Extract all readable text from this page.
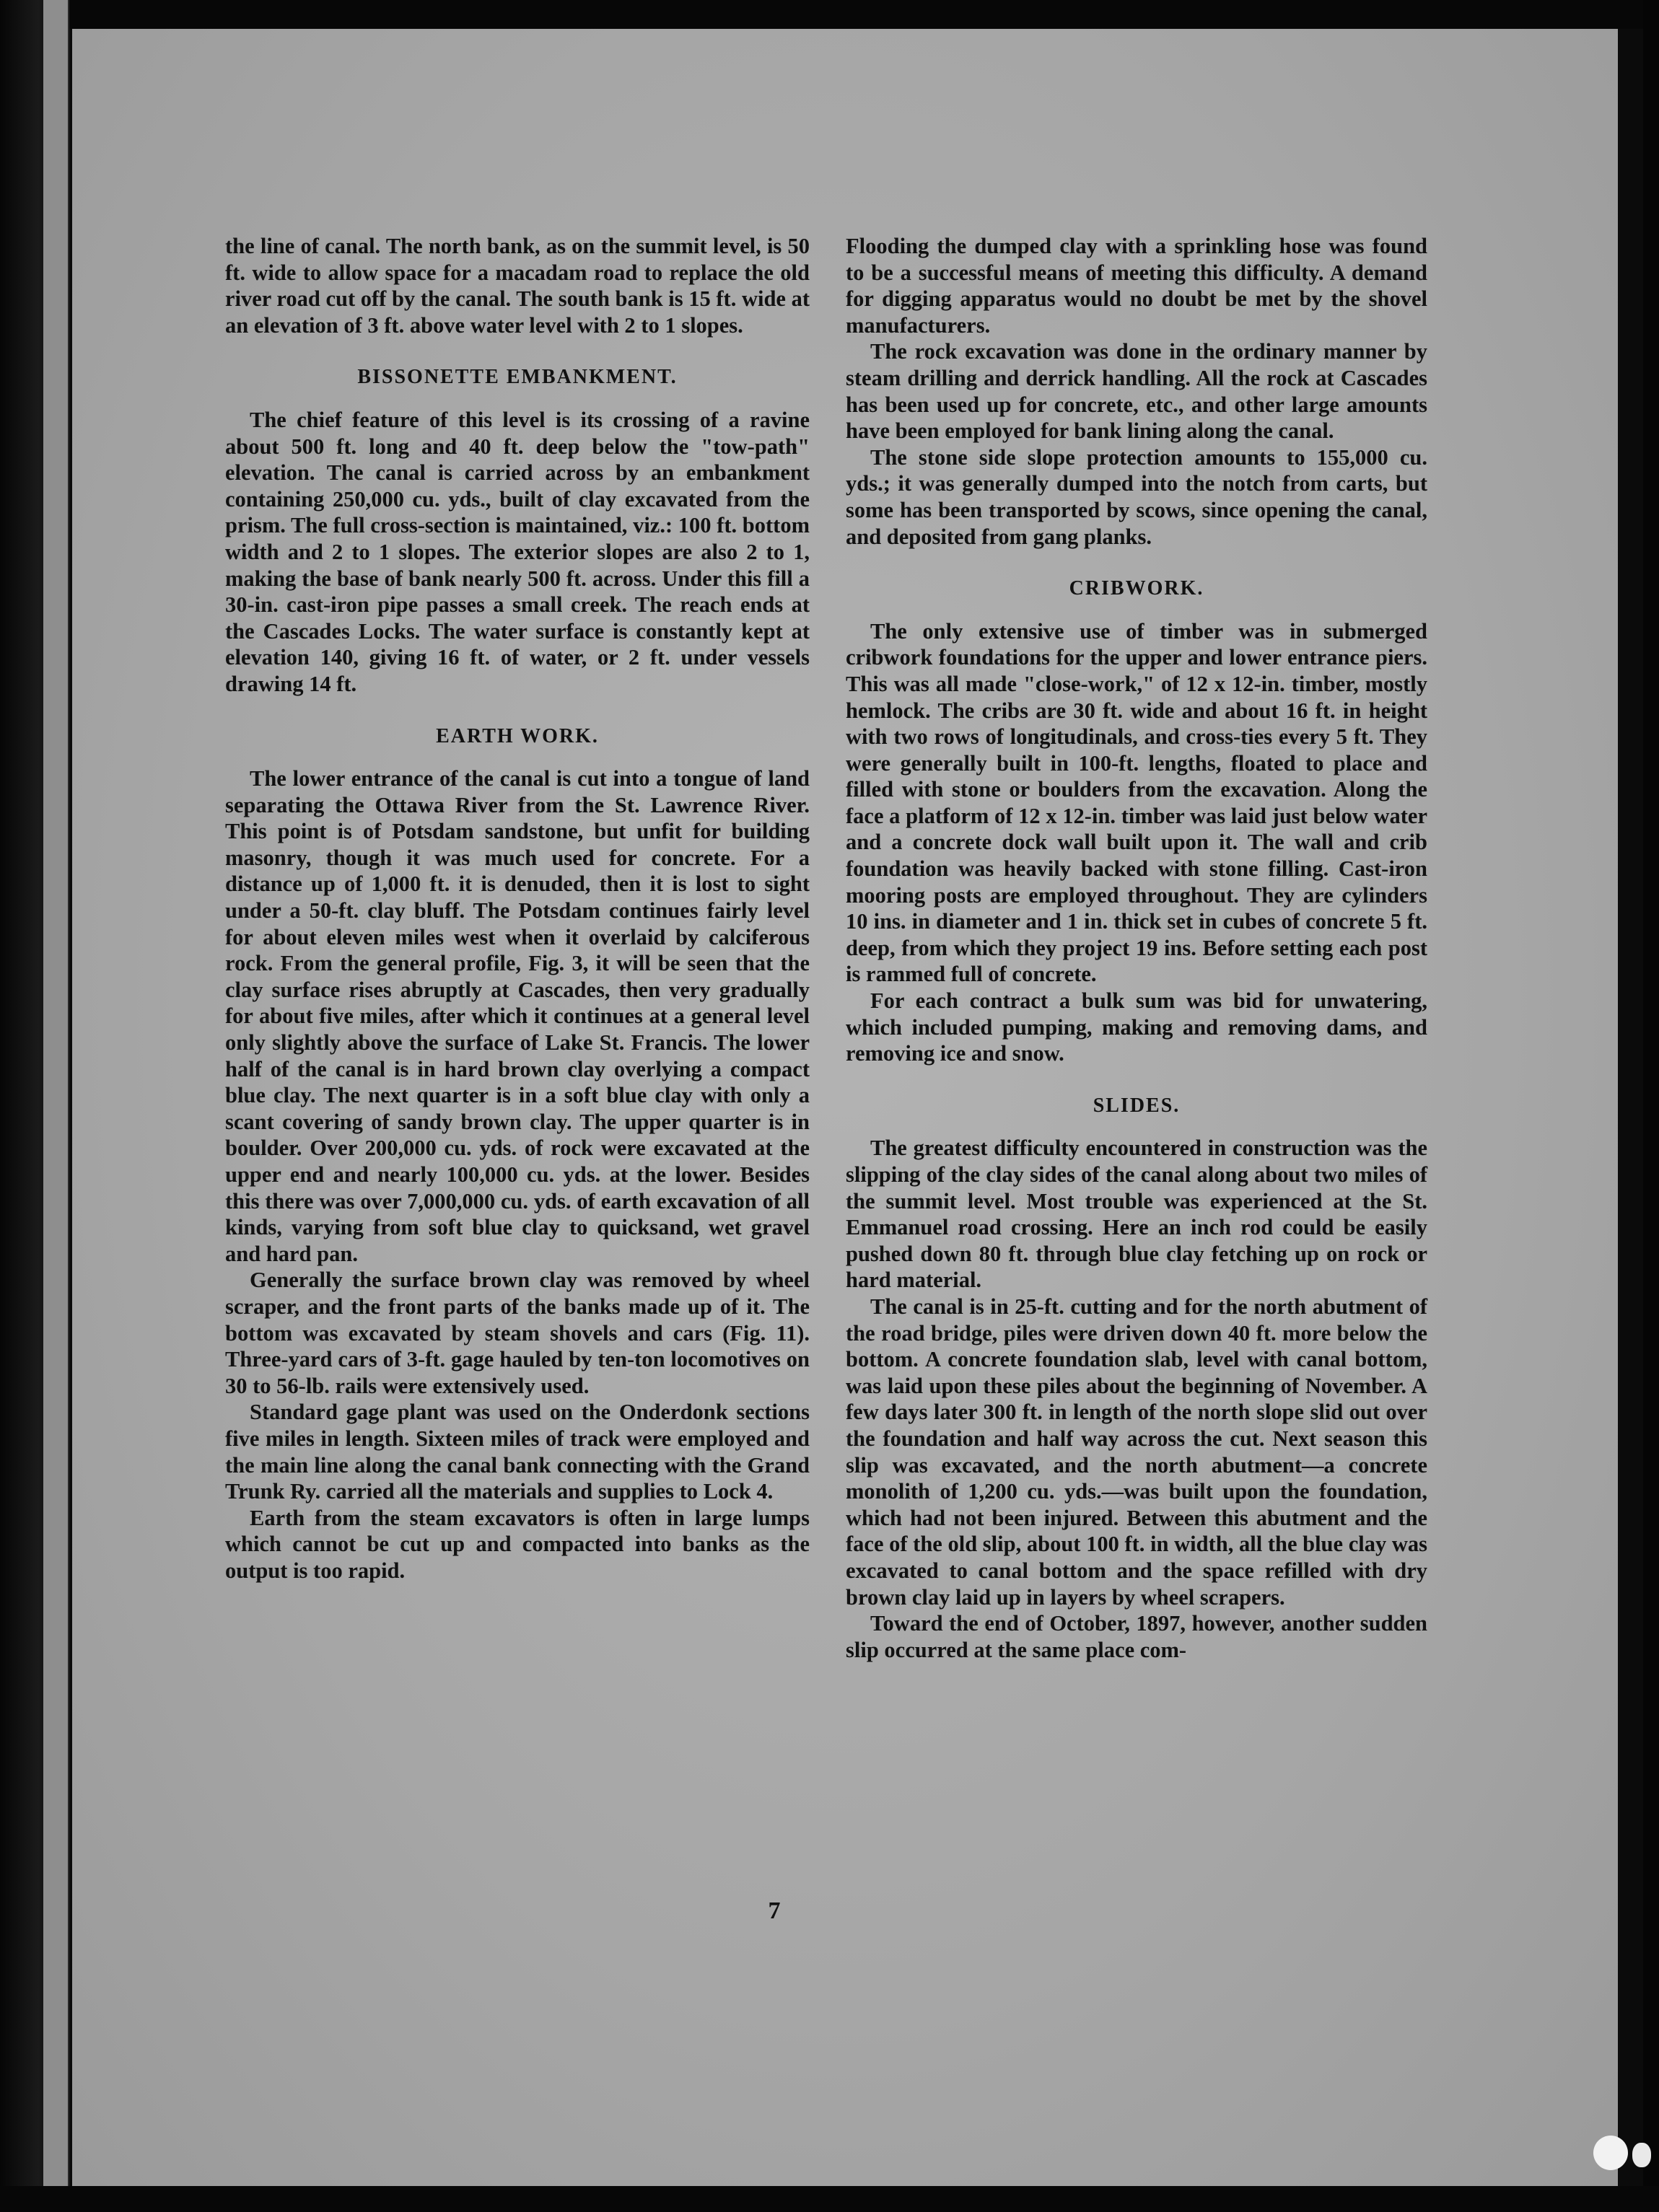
the line of canal. The north bank, as on the summit level, is 50 ft. wide to allow space for a macadam road to replace the old river road cut off by the canal. The south bank is 15 ft. wide at an elevation of 3 ft. above water level with 2 to 1 slopes.

BISSONETTE EMBANKMENT.

The chief feature of this level is its crossing of a ravine about 500 ft. long and 40 ft. deep below the "tow-path" elevation. The canal is carried across by an embankment containing 250,000 cu. yds., built of clay excavated from the prism. The full cross-section is maintained, viz.: 100 ft. bottom width and 2 to 1 slopes. The exterior slopes are also 2 to 1, making the base of bank nearly 500 ft. across. Under this fill a 30-in. cast-iron pipe passes a small creek. The reach ends at the Cascades Locks. The water surface is constantly kept at elevation 140, giving 16 ft. of water, or 2 ft. under vessels drawing 14 ft.

EARTH WORK.

The lower entrance of the canal is cut into a tongue of land separating the Ottawa River from the St. Lawrence River. This point is of Potsdam sandstone, but unfit for building masonry, though it was much used for concrete. For a distance up of 1,000 ft. it is denuded, then it is lost to sight under a 50-ft. clay bluff. The Potsdam continues fairly level for about eleven miles west when it overlaid by calciferous rock. From the general profile, Fig. 3, it will be seen that the clay surface rises abruptly at Cascades, then very gradually for about five miles, after which it continues at a general level only slightly above the surface of Lake St. Francis. The lower half of the canal is in hard brown clay overlying a compact blue clay. The next quarter is in a soft blue clay with only a scant covering of sandy brown clay. The upper quarter is in boulder. Over 200,000 cu. yds. of rock were excavated at the upper end and nearly 100,000 cu. yds. at the lower. Besides this there was over 7,000,000 cu. yds. of earth excavation of all kinds, varying from soft blue clay to quicksand, wet gravel and hard pan.

Generally the surface brown clay was removed by wheel scraper, and the front parts of the banks made up of it. The bottom was excavated by steam shovels and cars (Fig. 11). Three-yard cars of 3-ft. gage hauled by ten-ton locomotives on 30 to 56-lb. rails were extensively used.

Standard gage plant was used on the Onderdonk sections five miles in length. Sixteen miles of track were employed and the main line along the canal bank connecting with the Grand Trunk Ry. carried all the materials and supplies to Lock 4.

Earth from the steam excavators is often in large lumps which cannot be cut up and compacted into banks as the output is too rapid.

Flooding the dumped clay with a sprinkling hose was found to be a successful means of meeting this difficulty. A demand for digging apparatus would no doubt be met by the shovel manufacturers.

The rock excavation was done in the ordinary manner by steam drilling and derrick handling. All the rock at Cascades has been used up for concrete, etc., and other large amounts have been employed for bank lining along the canal.

The stone side slope protection amounts to 155,000 cu. yds.; it was generally dumped into the notch from carts, but some has been transported by scows, since opening the canal, and deposited from gang planks.

CRIBWORK.

The only extensive use of timber was in submerged cribwork foundations for the upper and lower entrance piers. This was all made "close-work," of 12 x 12-in. timber, mostly hemlock. The cribs are 30 ft. wide and about 16 ft. in height with two rows of longitudinals, and cross-ties every 5 ft. They were generally built in 100-ft. lengths, floated to place and filled with stone or boulders from the excavation. Along the face a platform of 12 x 12-in. timber was laid just below water and a concrete dock wall built upon it. The wall and crib foundation was heavily backed with stone filling. Cast-iron mooring posts are employed throughout. They are cylinders 10 ins. in diameter and 1 in. thick set in cubes of concrete 5 ft. deep, from which they project 19 ins. Before setting each post is rammed full of concrete.

For each contract a bulk sum was bid for unwatering, which included pumping, making and removing dams, and removing ice and snow.

SLIDES.

The greatest difficulty encountered in construction was the slipping of the clay sides of the canal along about two miles of the summit level. Most trouble was experienced at the St. Emmanuel road crossing. Here an inch rod could be easily pushed down 80 ft. through blue clay fetching up on rock or hard material.

The canal is in 25-ft. cutting and for the north abutment of the road bridge, piles were driven down 40 ft. more below the bottom. A concrete foundation slab, level with canal bottom, was laid upon these piles about the beginning of November. A few days later 300 ft. in length of the north slope slid out over the foundation and half way across the cut. Next season this slip was excavated, and the north abutment—a concrete monolith of 1,200 cu. yds.—was built upon the foundation, which had not been injured. Between this abutment and the face of the old slip, about 100 ft. in width, all the blue clay was excavated to canal bottom and the space refilled with dry brown clay laid up in layers by wheel scrapers.

Toward the end of October, 1897, however, another sudden slip occurred at the same place com-

7
